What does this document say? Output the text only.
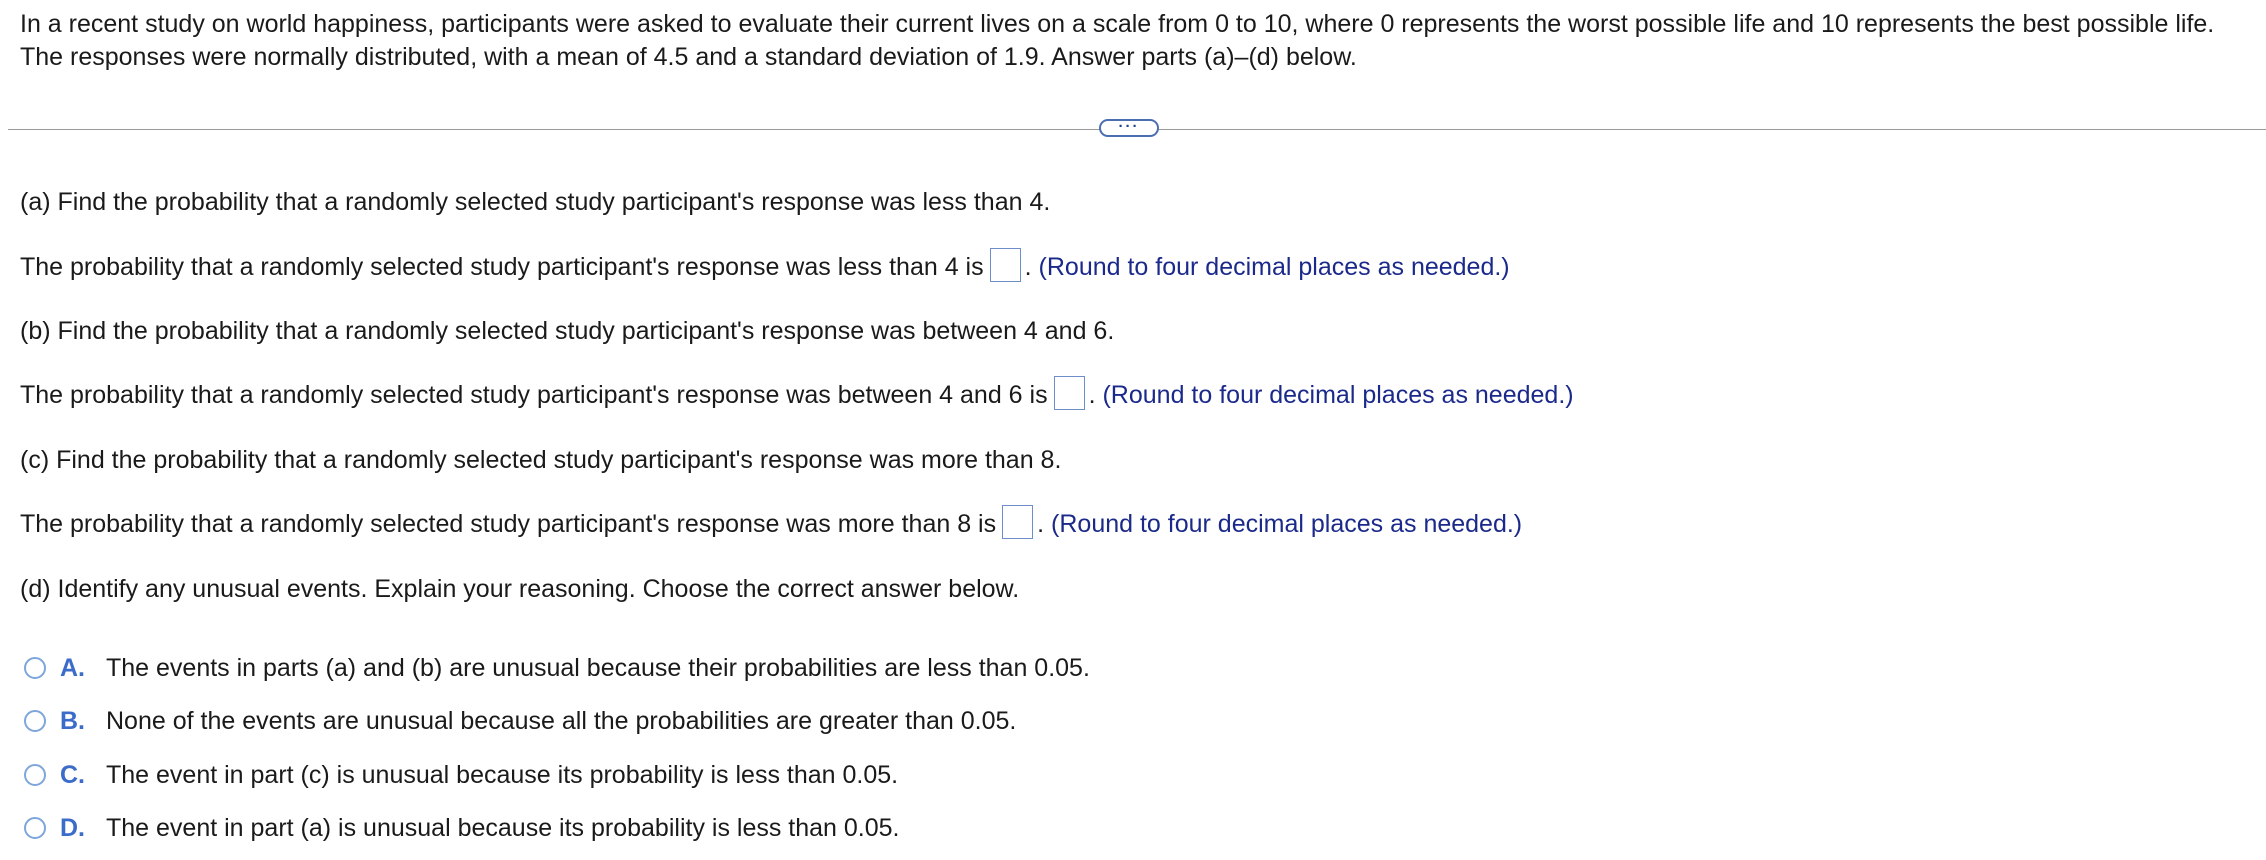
In a recent study on world happiness, participants were asked to evaluate their current lives on a scale from 0 to 10, where 0 represents the worst possible life and 10 represents the best possible life. The responses were normally distributed, with a mean of 4.5 and a standard deviation of 1.9. Answer parts (a)–(d) below.
···
(a) Find the probability that a randomly selected study participant's response was less than 4.
The probability that a randomly selected study participant's response was less than 4 is . (Round to four decimal places as needed.)
(b) Find the probability that a randomly selected study participant's response was between 4 and 6.
The probability that a randomly selected study participant's response was between 4 and 6 is . (Round to four decimal places as needed.)
(c) Find the probability that a randomly selected study participant's response was more than 8.
The probability that a randomly selected study participant's response was more than 8 is . (Round to four decimal places as needed.)
(d) Identify any unusual events. Explain your reasoning. Choose the correct answer below.
A. The events in parts (a) and (b) are unusual because their probabilities are less than 0.05.
B. None of the events are unusual because all the probabilities are greater than 0.05.
C. The event in part (c) is unusual because its probability is less than 0.05.
D. The event in part (a) is unusual because its probability is less than 0.05.
